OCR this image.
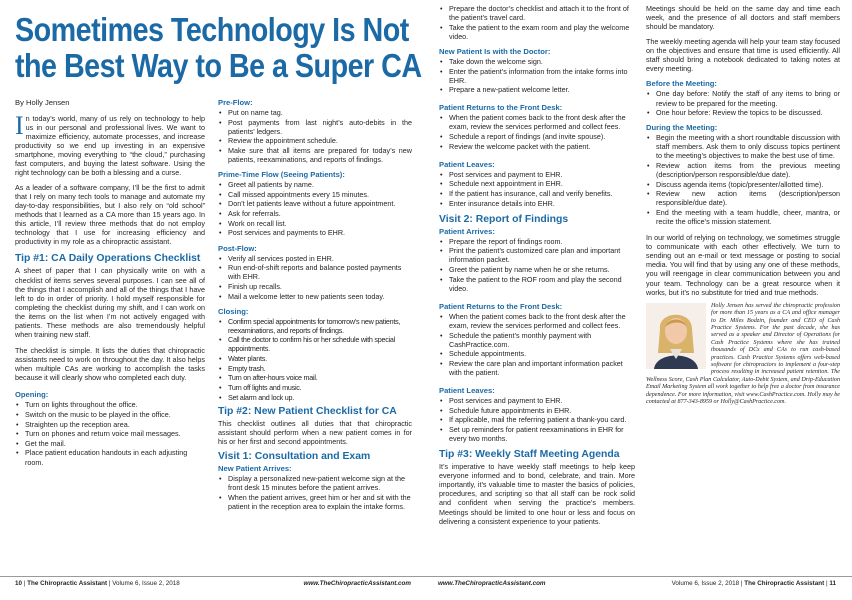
Sometimes Technology Is Not
the Best Way to Be a Super CA
By Holly Jensen

In today’s world, many of us rely on technology to help us in our personal and professional lives. We want to maximize efficiency, automate processes, and increase productivity so we end up investing in an expensive smartphone, moving everything to “the cloud,” purchasing fast computers, and buying the latest software. Using the right technology can be both a blessing and a curse.

As a leader of a software company, I’ll be the first to admit that I rely on many tech tools to manage and automate my day-to-day responsibilities, but I also rely on “old school” methods that I learned as a CA more than 15 years ago. In this article, I’ll review three methods that do not employ technology that I use for increasing efficiency and productivity in my role as a chiropractic assistant.

Tip #1: CA Daily Operations Checklist

A sheet of paper that I can physically write on with a checklist of items serves several purposes. I can see all of the things that I accomplish and all of the things that I have left to do in order of priority. I hold myself responsible for completing the checklist during my shift, and I can work on the items on the list when I’m not actively engaged with patients. These methods are also tremendously helpful when training new staff.

The checklist is simple. It lists the duties that chiropractic assistants need to work on throughout the day. It also helps when multiple CAs are working to accomplish the tasks because it will clearly show who completed each duty.

Opening:
• Turn on lights throughout the office.
• Switch on the music to be played in the office.
• Straighten up the reception area.
• Turn on phones and return voice mail messages.
• Get the mail.
• Place patient education handouts in each adjusting room.
Pre-Flow:
• Put on name tag.
• Post payments from last night’s auto-debits in the patients’ ledgers.
• Review the appointment schedule.
• Make sure that all items are prepared for today’s new patients, reexaminations, and reports of findings.
Prime-Time Flow (Seeing Patients):
• Greet all patients by name.
• Call missed appointments every 15 minutes.
• Don’t let patients leave without a future appointment.
• Ask for referrals.
• Work on recall list.
• Post services and payments to EHR.
Post-Flow:
• Verify all services posted in EHR.
• Run end-of-shift reports and balance posted payments with EHR.
• Finish up recalls.
• Mail a welcome letter to new patients seen today.
Closing:
• Confirm special appointments for tomorrow’s new patients, reexaminations, and reports of findings.
• Call the doctor to confirm his or her schedule with special appointments.
• Water plants.
• Empty trash.
• Turn on after-hours voice mail.
• Turn off lights and music.
• Set alarm and lock up.
Tip #2: New Patient Checklist for CA

This checklist outlines all duties that that chiropractic assistant should perform when a new patient comes in for his or her first and second appointments.

Visit 1: Consultation and Exam
New Patient Arrives:
• Display a personalized new-patient welcome sign at the front desk 15 minutes before the patient arrives.
• When the patient arrives, greet him or her and sit with the patient in the reception area to explain the intake forms.
10 | The Chiropractic Assistant | Volume 6, Issue 2, 2018	www.TheChiropracticAssistant.com
• Prepare the doctor’s checklist and attach it to the front of the patient’s travel card.
• Take the patient to the exam room and play the welcome video.
New Patient Is with the Doctor:
• Take down the welcome sign.
• Enter the patient’s information from the intake forms into EHR.
• Prepare a new-patient welcome letter.
Patient Returns to the Front Desk:
• When the patient comes back to the front desk after the exam, review the services performed and collect fees.
• Schedule a report of findings (and invite spouse).
• Review the welcome packet with the patient.
Patient Leaves:
• Post services and payment to EHR.
• Schedule next appointment in EHR.
• If the patient has insurance, call and verify benefits.
• Enter insurance details into EHR.
Visit 2: Report of Findings
Patient Arrives:
• Prepare the report of findings room.
• Print the patient’s customized care plan and important information packet.
• Greet the patient by name when he or she returns.
• Take the patient to the ROF room and play the second video.
Patient Returns to the Front Desk:
• When the patient comes back to the front desk after the exam, review the services performed and collect fees.
• Schedule the patient’s monthly payment with CashPractice.com.
• Schedule appointments.
• Review the care plan and important information packet with the patient.
Patient Leaves:
• Post services and payment to EHR.
• Schedule future appointments in EHR.
• If applicable, mail the referring patient a thank-you card.
• Set up reminders for patient reexaminations in EHR for every two months.
Tip #3: Weekly Staff Meeting Agenda

It’s imperative to have weekly staff meetings to help keep everyone informed and to bond, celebrate, and train. More importantly, it’s valuable time to master the basics of policies, procedures, and scripting so that all staff can be rock solid and confident when serving the practice’s members. Meetings should be limited to one hour or less and focus on delivering a consistent experience to your patients.

Meetings should be held on the same day and time each week, and the presence of all doctors and staff members should be mandatory.

The weekly meeting agenda will help your team stay focused on the objectives and ensure that time is used efficiently. All staff should bring a notebook dedicated to taking notes at every meeting.

Before the Meeting:
• One day before: Notify the staff of any items to bring or review to be prepared for the meeting.
• One hour before: Review the topics to be discussed.
During the Meeting:
• Begin the meeting with a short roundtable discussion with staff members. Ask them to only discuss topics pertinent to the meeting’s objectives to make the best use of time.
• Review action items from the previous meeting (description/person responsible/due date).
• Discuss agenda items (topic/presenter/allotted time).
• Review new action items (description/person responsible/due date).
• End the meeting with a team huddle, cheer, mantra, or recite the office’s mission statement.

In our world of relying on technology, we sometimes struggle to communicate with each other effectively. We turn to sending out an e-mail or text message or posting to social media. You will find that by using any one of these methods, you will reengage in clear communication between you and your team. Technology can be a great resource when it works, but it’s no substitute for tried and true methods.

Holly Jensen has served the chiropractic profession for more than 15 years as a CA and office manager to Dr. Miles Bodzin, founder and CEO of Cash Practice Systems. For the past decade, she has served as a speaker and Director of Operations for Cash Practice Systems where she has trained thousands of DCs and CAs to run cash-based practices. Cash Practice Systems offers web-based software for chiropractors to implement a four-step process resulting in increased patient retention. The Wellness Score, Cash Plan Calculator, Auto-Debit System, and Drip-Education Email Marketing System all work together to help free a doctor from insurance dependence. For more information, visit www.CashPractice.com. Holly may be contacted at 877-343-8959 or Holly@CashPractice.com.
www.TheChiropracticAssistant.com	Volume 6, Issue 2, 2018 | The Chiropractic Assistant | 11
